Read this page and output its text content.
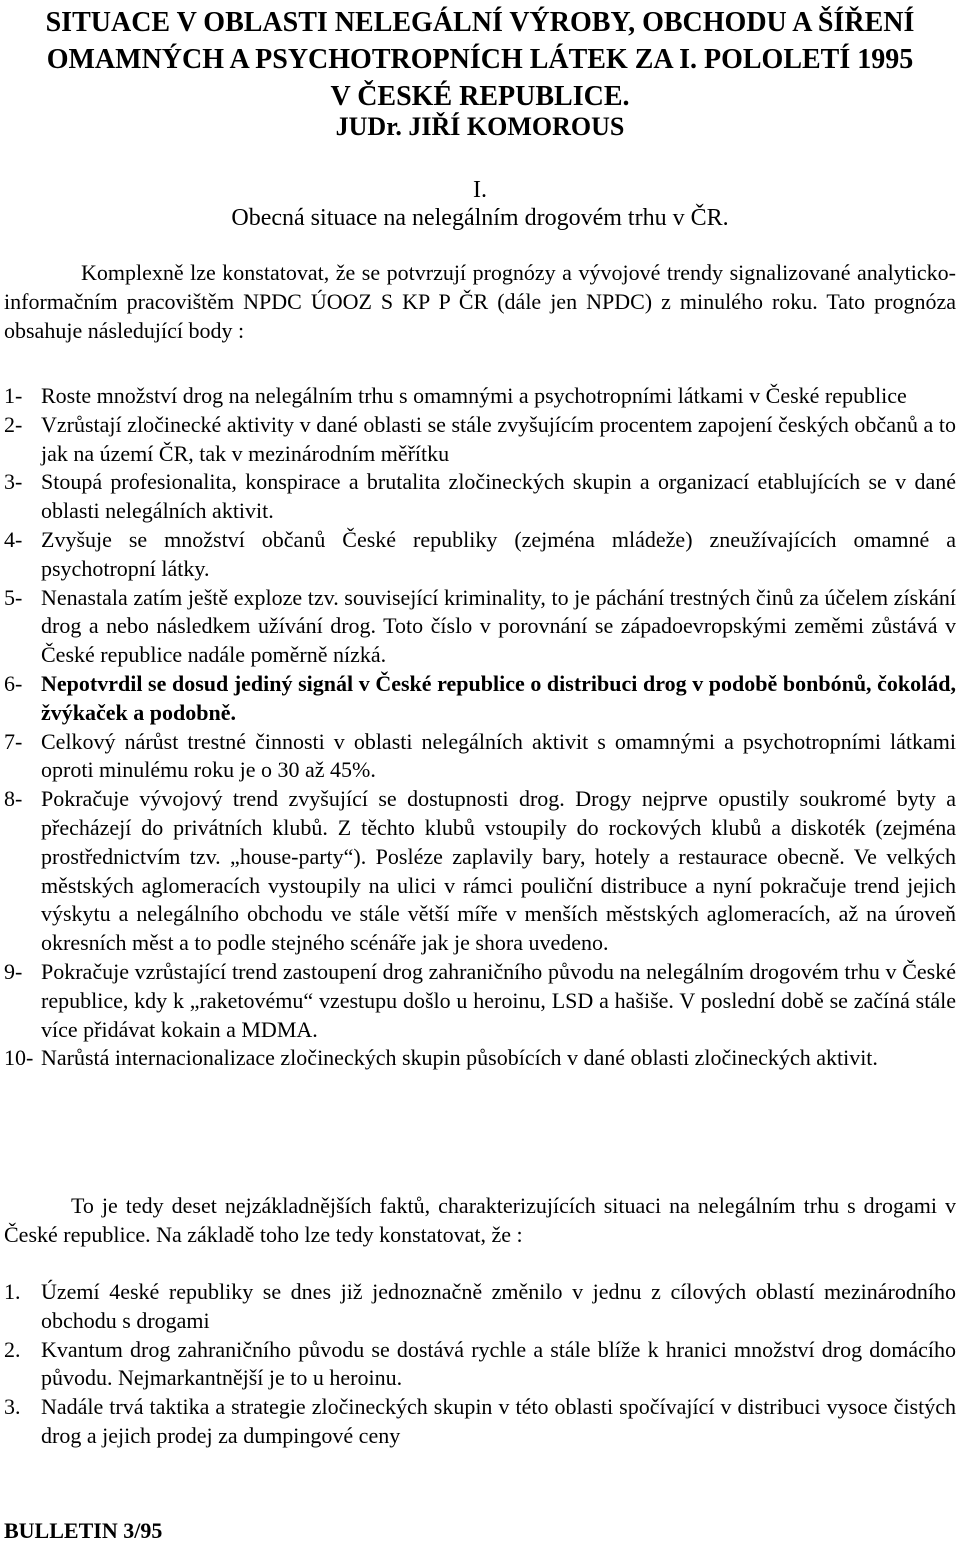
SITUACE V OBLASTI NELEGÁLNÍ VÝROBY, OBCHODU A ŠÍŘENÍ
OMAMNÝCH A PSYCHOTROPNÍCH LÁTEK ZA I. POLOLETÍ 1995
V ČESKÉ REPUBLICE.
JUDr. JIŘÍ KOMOROUS
I.
Obecná situace na nelegálním drogovém trhu v ČR.

Komplexně lze konstatovat, že se potvrzují prognózy a vývojové trendy signalizované analyticko-informačním pracovištěm NPDC ÚOOZ S KP P ČR (dále jen NPDC) z minulého roku. Tato prognóza obsahuje následující body :

1- Roste množství drog na nelegálním trhu s omamnými a psychotropními látkami v České republice
2- Vzrůstají zločinecké aktivity v dané oblasti se stále zvyšujícím procentem zapojení českých občanů a to jak na území ČR, tak v mezinárodním měřítku
3- Stoupá profesionalita, konspirace a brutalita zločineckých skupin a organizací etablujících se v dané oblasti nelegálních aktivit.
4- Zvyšuje se množství občanů České republiky (zejména mládeže) zneužívajících omamné a psychotropní látky.
5- Nenastala zatím ještě exploze tzv. související kriminality, to je páchání trestných činů za účelem získání drog a nebo následkem užívání drog. Toto číslo v porovnání se západoevropskými zeměmi zůstává v České republice nadále poměrně nízká.
6- Nepotvrdil se dosud jediný signál v České republice o distribuci drog v podobě bonbónů, čokolád, žvýkaček a podobně.
7- Celkový nárůst trestné činnosti v oblasti nelegálních aktivit s omamnými a psychotropními látkami oproti minulému roku je o 30 až 45%.
8- Pokračuje vývojový trend zvyšující se dostupnosti drog. Drogy nejprve opustily soukromé byty a přecházejí do privátních klubů. Z těchto klubů vstoupily do rockových klubů a diskoték (zejména prostřednictvím tzv. „house-party“). Posléze zaplavily bary, hotely a restaurace obecně. Ve velkých městských aglomeracích vystoupily na ulici v rámci pouliční distribuce a nyní pokračuje trend jejich výskytu a nelegálního obchodu ve stále větší míře v menších městských aglomeracích, až na úroveň okresních měst a to podle stejného scénáře jak je shora uvedeno.
9- Pokračuje vzrůstající trend zastoupení drog zahraničního původu na nelegálním drogovém trhu v České republice, kdy k „raketovému“ vzestupu došlo u heroinu, LSD a hašiše. V poslední době se začíná stále více přidávat kokain a MDMA.
10- Narůstá internacionalizace zločineckých skupin působících v dané oblasti zločineckých aktivit.

To je tedy deset nejzákladnějších faktů, charakterizujících situaci na nelegálním trhu s drogami v České republice. Na základě toho lze tedy konstatovat, že :

1. Území 4eské republiky se dnes již jednoznačně změnilo v jednu z cílových oblastí mezinárodního obchodu s drogami
2. Kvantum drog zahraničního původu se dostává rychle a stále blíže k hranici množství drog domácího původu. Nejmarkantnější je to u heroinu.
3. Nadále trvá taktika a strategie zločineckých skupin v této oblasti spočívající v distribuci vysoce čistých drog a jejich prodej za dumpingové ceny
BULLETIN 3/95
